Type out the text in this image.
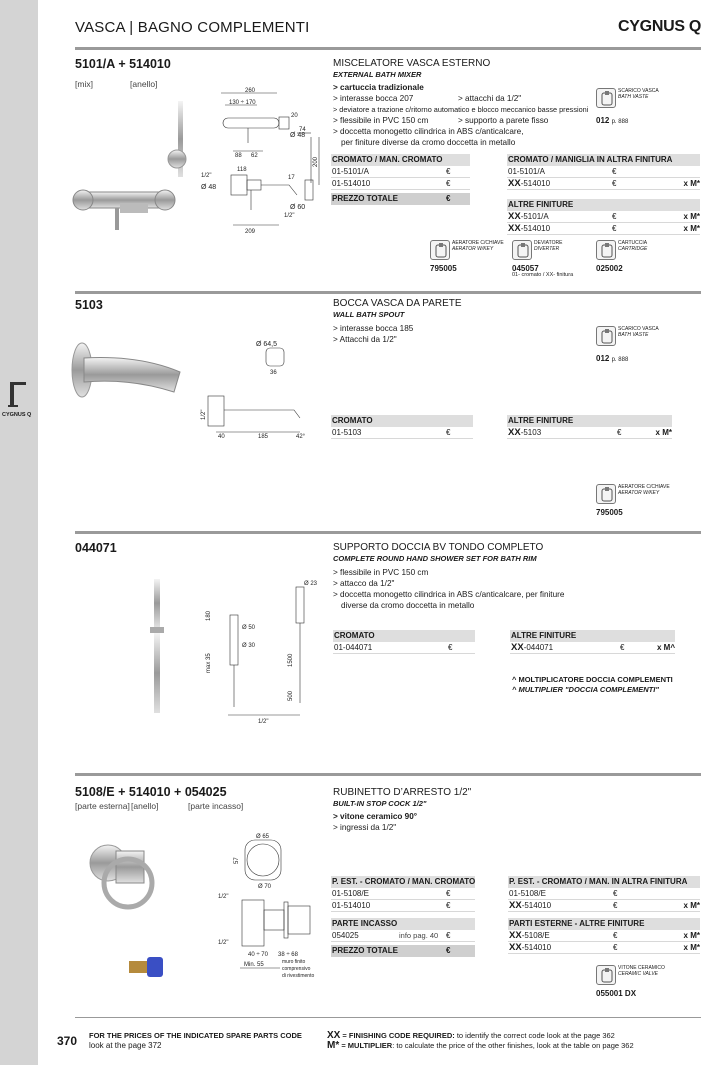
CYGNUS Q
VASCA | BAGNO COMPLEMENTI	CYGNUS Q
5101/A + 514010
[mix]	[anello]
260
130 ÷ 170
20
Ø 48
88 62
74
200
118
1/2"	17
Ø 60
Ø 48
1/2"
209
MISCELATORE VASCA ESTERNO
EXTERNAL BATH MIXER
> cartuccia tradizionale
> interasse bocca 207	> attacchi da 1/2"
> deviatore a trazione c/ritorno automatico e blocco meccanico basse pressioni
> flessibile in PVC 150 cm	> supporto a parete fisso
> doccetta monogetto cilindrica in ABS c/anticalcare,
per finiture diverse da cromo doccetta in metallo
SCARICO VASCA
BATH VASTE
012 p. 888
CROMATO / MAN. CROMATO
01-5101/A	€
01-514010	€
PREZZO TOTALE	€
CROMATO / MANIGLIA IN ALTRA FINITURA
01-5101/A	€
XX-514010	€	x M*
ALTRE FINITURE
XX-5101/A	€	x M*
XX-514010	€	x M*
AERATORE C/CHIAVE
AERATOR W/KEY
795005
DEVIATORE
DIVERTER
045057
01- cromato / XX- finitura
CARTUCCIA
CARTRIDGE
025002
5103
Ø 64,5
36
1/2"
40	185	42°
BOCCA VASCA DA PARETE
WALL BATH SPOUT
> interasse bocca 185
> Attacchi da 1/2"
SCARICO VASCA
BATH VASTE
012 p. 888
CROMATO
01-5103	€
ALTRE FINITURE
XX-5103	€	x M*
AERATORE C/CHIAVE
AERATOR W/KEY
795005
044071
Ø 23
180
Ø 50
Ø 30
max 35	1500
500
1/2"
SUPPORTO DOCCIA BV TONDO COMPLETO
COMPLETE ROUND HAND SHOWER SET FOR BATH RIM
> flessibile in PVC 150 cm
> attacco da 1/2"
> doccetta monogetto cilindrica in ABS c/anticalcare, per finiture
diverse da cromo doccetta in metallo
CROMATO
01-044071	€
ALTRE FINITURE
XX-044071	€	x M^
^ MOLTIPLICATORE DOCCIA COMPLEMENTI
^ MULTIPLIER "DOCCIA COMPLEMENTI"
5108/E + 514010 + 054025
[parte esterna] [anello]	[parte incasso]
Ø 65
57
Ø 70
1/2"
1/2"
40 ÷ 70 38 ÷ 68
Min. 55	muro finito
comprensivo
di rivestimento
RUBINETTO D’ARRESTO 1/2"
BUILT-IN STOP COCK 1/2"
> vitone ceramico 90°
> ingressi da 1/2"
P. EST. - CROMATO / MAN. CROMATO
01-5108/E	€
01-514010	€
PARTE INCASSO
054025	info pag. 40 €
PREZZO TOTALE	€
P. EST. - CROMATO / MAN. IN ALTRA FINITURA
01-5108/E	€
XX-514010	€	x M*
PARTI ESTERNE - ALTRE FINITURE
XX-5108/E	€	x M*
XX-514010	€	x M*
VITONE CERAMICO
CERAMIC VALVE
055001 DX
370 FOR THE PRICES OF THE INDICATED SPARE PARTS CODE
look at the page 372
XX = FINISHING CODE REQUIRED: to identify the correct code look at the page 362
M* = MULTIPLIER: to calculate the price of the other finishes, look at the table on page 362
